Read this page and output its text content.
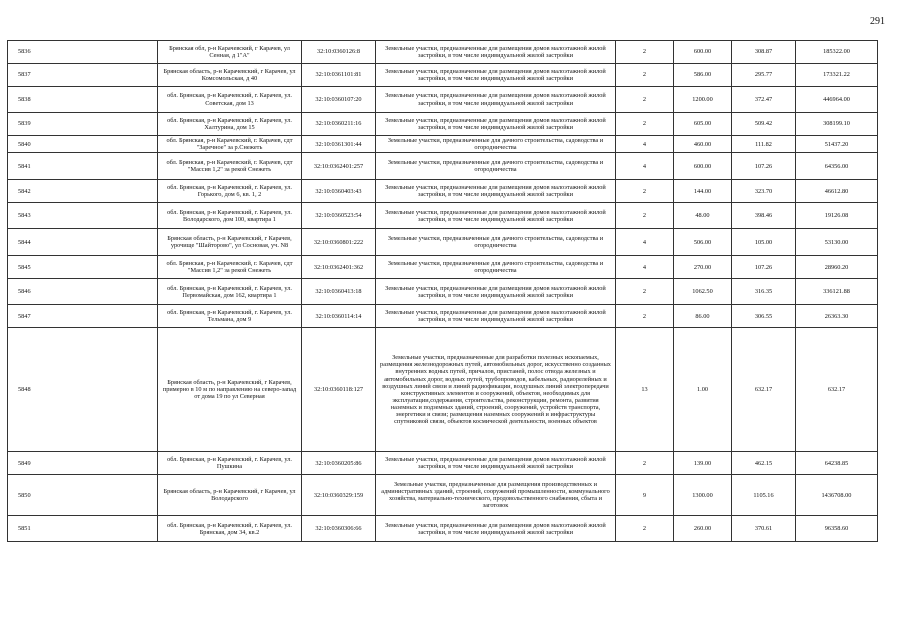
291
5836	Брянская обл, р-н Карачевский, г Карачев, ул Сенная, д 1"А"	32:10:0360126:8	Земельные участки, предназначенные для размещения домов малоэтажной жилой застройки, в том числе индивидуальной жилой застройки	2	600.00	308.87	185322.00
5837	Брянская область, р-н Карачевский, г Карачев, ул Комсомольская, д 40	32:10:0361101:81	Земельные участки, предназначенные для размещения домов малоэтажной жилой застройки, в том числе индивидуальной жилой застройки	2	586.00	295.77	173321.22
5838	обл. Брянская, р-н Карачевский, г. Карачев, ул. Советская, дом 13	32:10:0360107:20	Земельные участки, предназначенные для размещения домов малоэтажной жилой застройки, в том числе индивидуальной жилой застройки	2	1200.00	372.47	446964.00
5839	обл. Брянская, р-н Карачевский, г. Карачев, ул. Халтурина, дом 15	32:10:0360211:16	Земельные участки, предназначенные для размещения домов малоэтажной жилой застройки, в том числе индивидуальной жилой застройки	2	605.00	509.42	308199.10
5840	обл. Брянская, р-н Карачевский, г. Карачев, сдт "Заречное" за р.Снежеть	32:10:0361301:44	Земельные участки, предназначенные для дачного строительства, садоводства и огородничества	4	460.00	111.82	51437.20
5841	обл. Брянская, р-н Карачевский, г. Карачев, сдт "Массив 1,2" за рекой Снежеть	32:10:0362401:257	Земельные участки, предназначенные для дачного строительства, садоводства и огородничества	4	600.00	107.26	64356.00
5842	обл. Брянская, р-н Карачевский, г. Карачев, ул. Горького, дом 6, кв. 1, 2	32:10:0360403:43	Земельные участки, предназначенные для размещения домов малоэтажной жилой застройки, в том числе индивидуальной жилой застройки	2	144.00	323.70	46612.80
5843	обл. Брянская, р-н Карачевский, г. Карачев, ул. Володарского, дом 100, квартира 1	32:10:0360523:54	Земельные участки, предназначенные для размещения домов малоэтажной жилой застройки, в том числе индивидуальной жилой застройки	2	48.00	398.46	19126.08
5844	Брянская область, р-н Карачевский, г Карачев, урочище "Шайторово", ул Сосновая, уч. N8	32:10:0360801:222	Земельные участки, предназначенные для дачного строительства, садоводства и огородничества	4	506.00	105.00	53130.00
5845	обл. Брянская, р-н Карачевский, г. Карачев, сдт "Массив 1,2" за рекой Снежеть	32:10:0362401:362	Земельные участки, предназначенные для дачного строительства, садоводства и огородничества	4	270.00	107.26	28960.20
5846	обл. Брянская, р-н Карачевский, г. Карачев, ул. Первомайская, дом 162, квартира 1	32:10:0360413:18	Земельные участки, предназначенные для размещения домов малоэтажной жилой застройки, в том числе индивидуальной жилой застройки	2	1062.50	316.35	336121.88
5847	обл. Брянская, р-н Карачевский, г. Карачев, ул. Тельмана, дом 9	32:10:0360114:14	Земельные участки, предназначенные для размещения домов малоэтажной жилой застройки, в том числе индивидуальной жилой застройки	2	86.00	306.55	26363.30
5848	Брянская область, р-н Карачевский, г Карачев, примерно в 10 м по направлению на северо-запад от дома 19 по ул Северная	32:10:0360118:127	Земельные участки, предназначенные для разработки полезных ископаемых, размещения железнодорожных путей, автомобильных дорог, искусственно созданных внутренних водных путей, причалов, пристаней, полос отвода железных и автомобильных дорог, водных путей, трубопроводов, кабельных, радиорелейных и воздушных линий связи и линий радиофикации, воздушных линий электропередачи конструктивных элементов и сооружений, объектов, необходимых для эксплуатации,содержания, строительства, реконструкции, ремонта, развития наземных и подземных зданий, строений, сооружений, устройств транспорта, энергетики и связи; размещения наземных сооружений и инфраструктуры спутниковой связи, объектов космической деятельности, военных объектов	13	1.00	632.17	632.17
5849	обл. Брянская, р-н Карачевский, г. Карачев, ул. Пушкина	32:10:0360205:86	Земельные участки, предназначенные для размещения домов малоэтажной жилой застройки, в том числе индивидуальной жилой застройки	2	139.00	462.15	64238.85
5850	Брянская область, р-н Карачевский, г Карачев, ул Володарского	32:10:0360329:159	Земельные участки, предназначенные для размещения производственных и административных зданий, строений, сооружений промышленности, коммунального хозяйства, материально-технического, продовольственного снабжения, сбыта и заготовок	9	1300.00	1105.16	1436708.00
5851	обл. Брянская, р-н Карачевский, г. Карачев, ул. Брянская, дом 34, кв.2	32:10:0360306:66	Земельные участки, предназначенные для размещения домов малоэтажной жилой застройки, в том числе индивидуальной жилой застройки	2	260.00	370.61	96358.60
